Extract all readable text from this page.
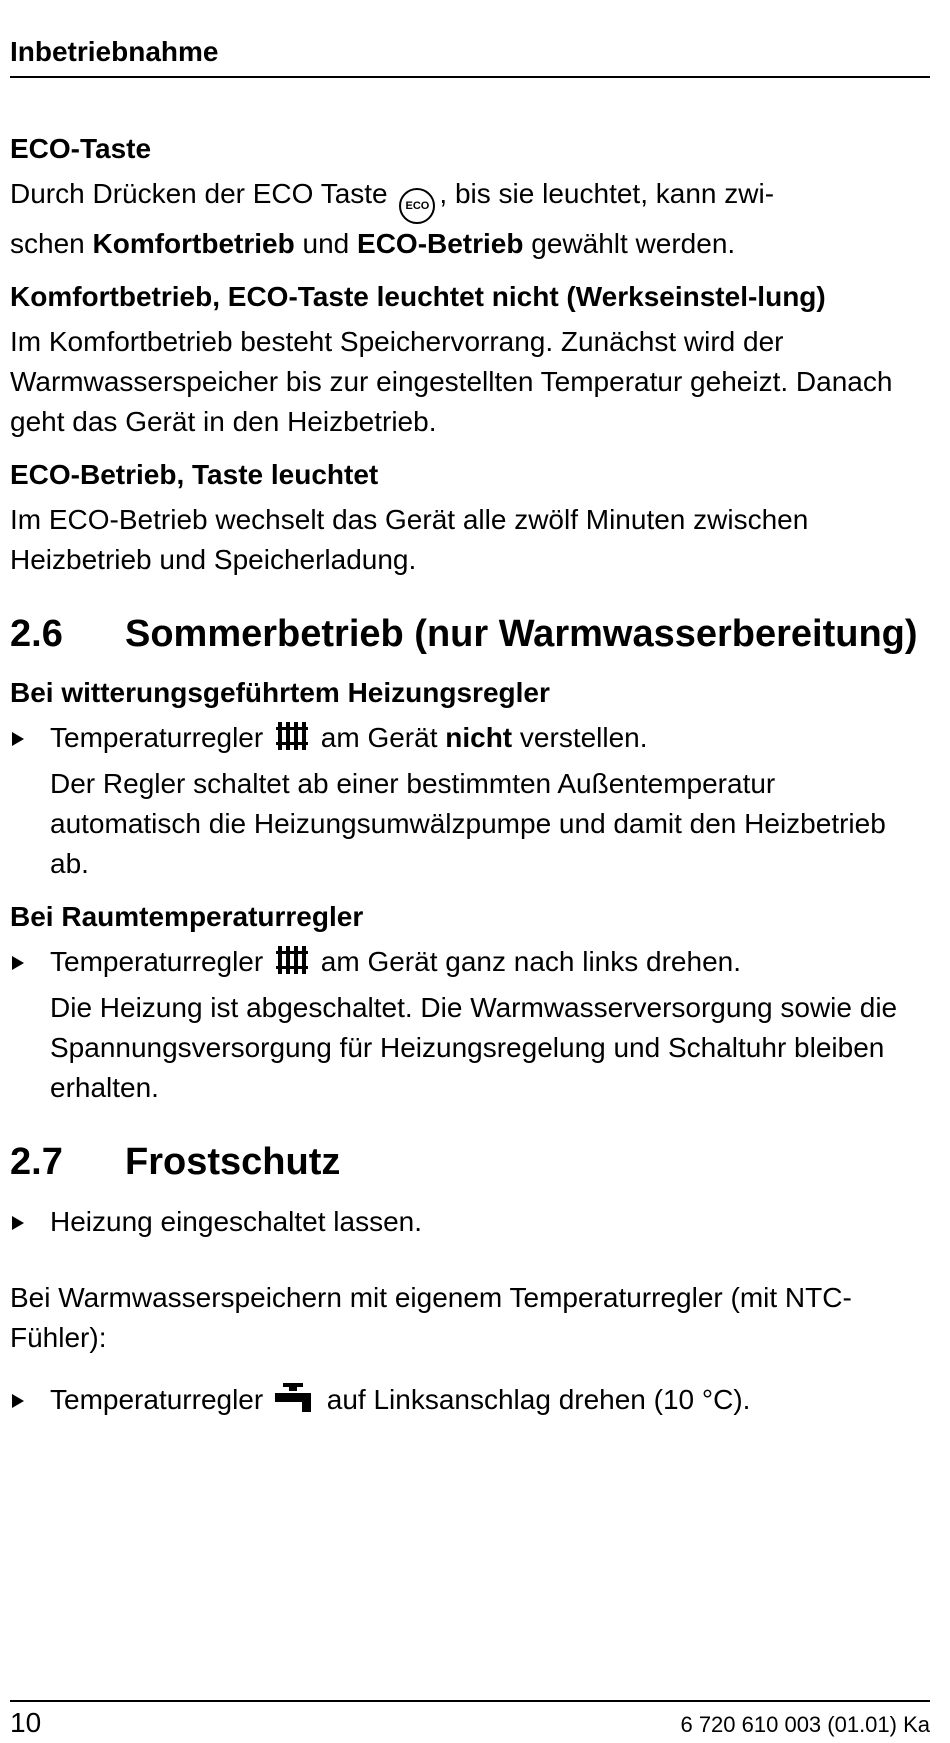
Inbetriebnahme
ECO-Taste
Durch Drücken der ECO Taste ECO , bis sie leuchtet, kann zwi-
schen Komfortbetrieb und ECO-Betrieb gewählt werden.
Komfortbetrieb, ECO-Taste leuchtet nicht (Werkseinstel-lung)
Im Komfortbetrieb besteht Speichervorrang. Zunächst wird der Warmwasserspeicher bis zur eingestellten Temperatur geheizt. Danach geht das Gerät in den Heizbetrieb.
ECO-Betrieb, Taste leuchtet
Im ECO-Betrieb wechselt das Gerät alle zwölf Minuten zwischen Heizbetrieb und Speicherladung.
2.6	Sommerbetrieb (nur Warmwasserbereitung)
Bei witterungsgeführtem Heizungsregler
Temperaturregler am Gerät nicht verstellen.
Der Regler schaltet ab einer bestimmten Außentemperatur automatisch die Heizungsumwälzpumpe und damit den Heizbetrieb ab.
Bei Raumtemperaturregler
Temperaturregler am Gerät ganz nach links drehen.
Die Heizung ist abgeschaltet. Die Warmwasserversorgung sowie die Spannungsversorgung für Heizungsregelung und Schaltuhr bleiben erhalten.
2.7	Frostschutz
Heizung eingeschaltet lassen.
Bei Warmwasserspeichern mit eigenem Temperaturregler (mit NTC-Fühler):
Temperaturregler auf Linksanschlag drehen (10 °C).
10	6 720 610 003 (01.01) Ka
